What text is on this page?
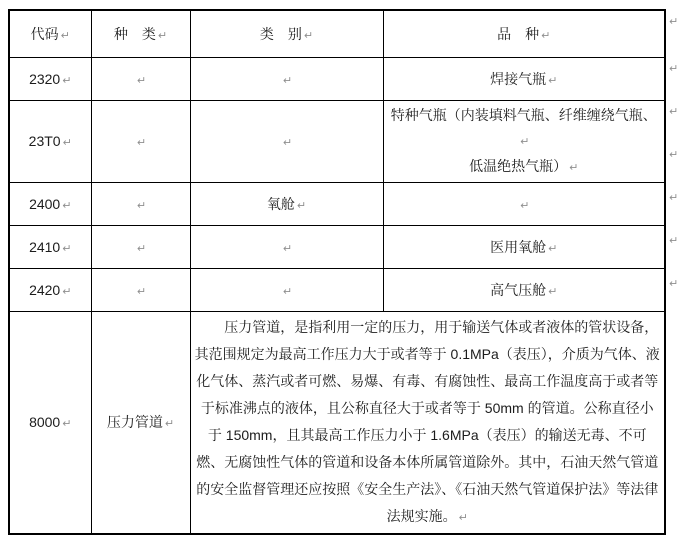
代码 ↵	种　类 ↵	类　别 ↵	品　种 ↵
2320 ↵	↵	↵	焊接气瓶 ↵
23T0 ↵	↵	↵	特种气瓶（内装填料气瓶、纤维缠绕气瓶、↵
低温绝热气瓶） ↵

2400 ↵	↵	氧舱 ↵	↵
2410 ↵	↵	↵	医用氧舱 ↵
2420 ↵	↵	↵	高气压舱 ↵
8000 ↵	压力管道 ↵	压力管道，是指利用一定的压力，用于输送气体或者液体的管状设备，其范围规定为最高工作压力大于或者等于 0.1MPa（表压），介质为气体、液化气体、蒸汽或者可燃、易爆、有毒、有腐蚀性、最高工作温度高于或者等于标准沸点的液体，且公称直径大于或者等于 50mm 的管道。公称直径小于 150mm，且其最高工作压力小于 1.6MPa（表压）的输送无毒、不可燃、无腐蚀性气体的管道和设备本体所属管道除外。其中，石油天然气管道的安全监督管理还应按照《安全生产法》、《石油天然气管道保护法》等法律法规实施。 ↵	
↵
↵
↵
↵
↵
↵
↵
